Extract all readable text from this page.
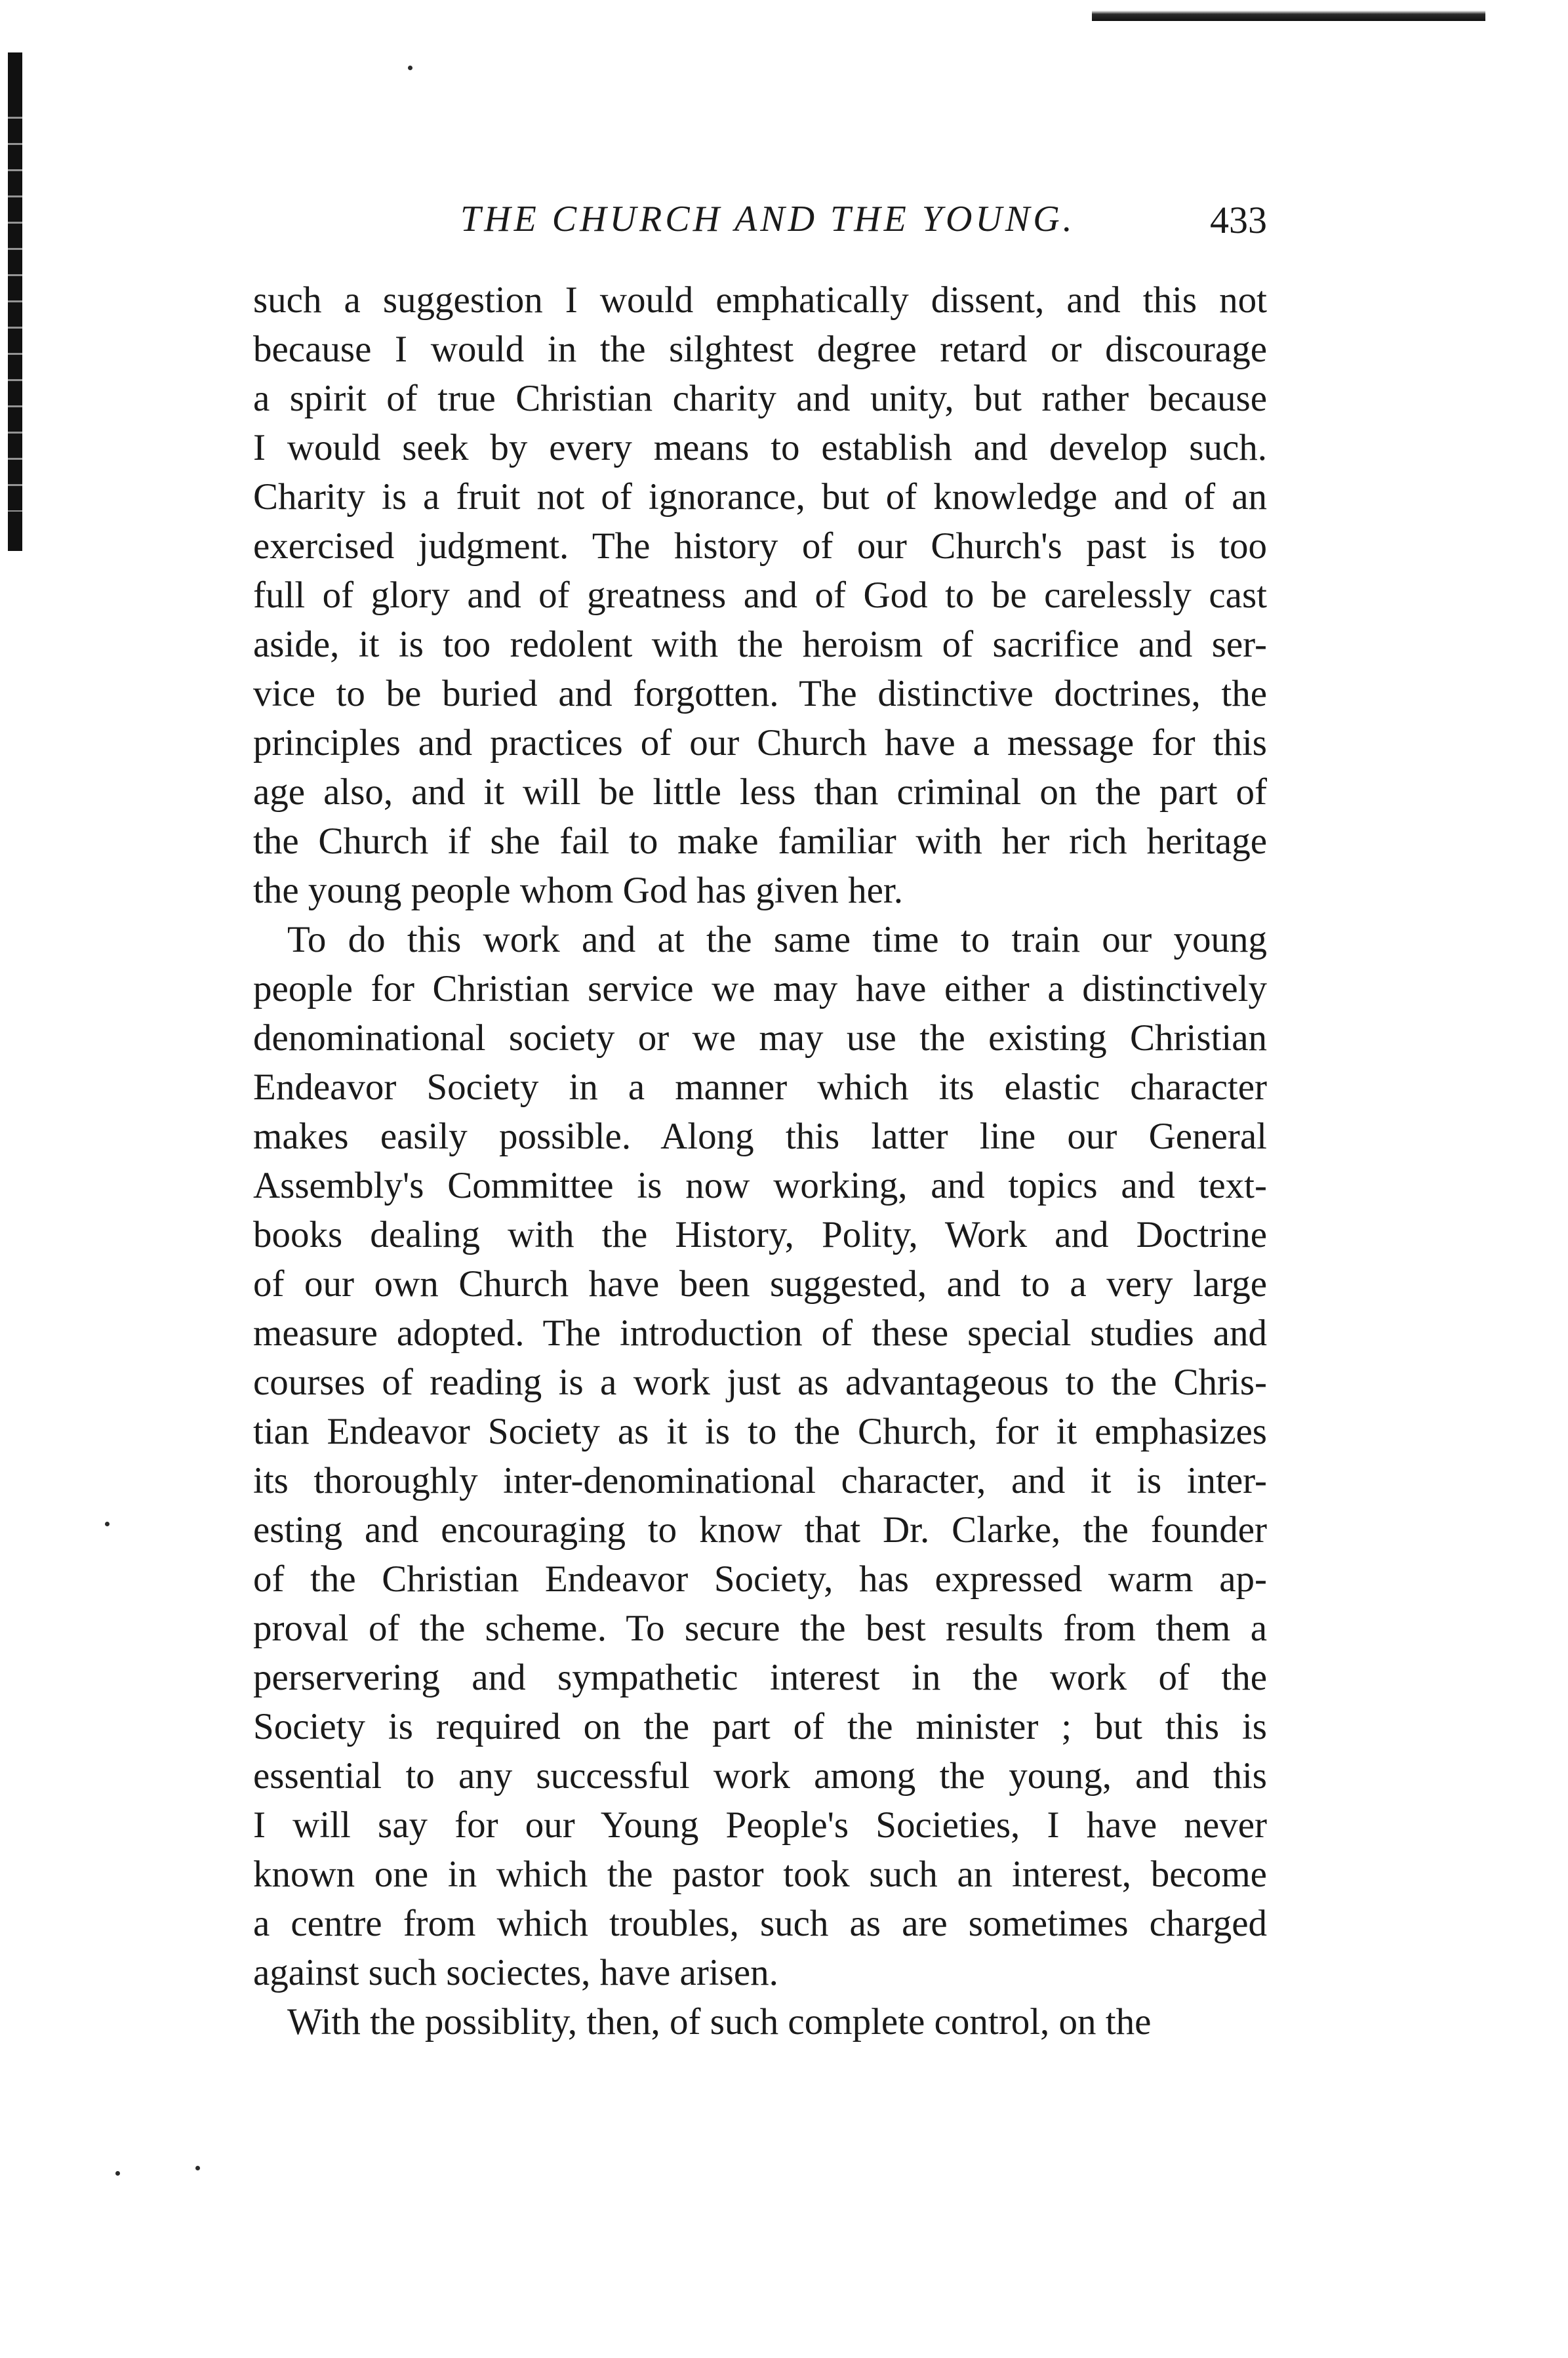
THE CHURCH AND THE YOUNG.	433
such a suggestion I would emphatically dissent, and this not
because I would in the silghtest degree retard or discourage
a spirit of true Christian charity and unity, but rather because
I would seek by every means to establish and develop such.
Charity is a fruit not of ignorance, but of knowledge and of an
exercised judgment. The history of our Church's past is too
full of glory and of greatness and of God to be carelessly cast
aside, it is too redolent with the heroism of sacrifice and ser-
vice to be buried and forgotten. The distinctive doctrines, the
principles and practices of our Church have a message for this
age also, and it will be little less than criminal on the part of
the Church if she fail to make familiar with her rich heritage
the young people whom God has given her.
To do this work and at the same time to train our young
people for Christian service we may have either a distinctively
denominational society or we may use the existing Christian
Endeavor Society in a manner which its elastic character
makes easily possible. Along this latter line our General
Assembly's Committee is now working, and topics and text-
books dealing with the History, Polity, Work and Doctrine
of our own Church have been suggested, and to a very large
measure adopted. The introduction of these special studies and
courses of reading is a work just as advantageous to the Chris-
tian Endeavor Society as it is to the Church, for it emphasizes
its thoroughly inter-denominational character, and it is inter-
esting and encouraging to know that Dr. Clarke, the founder
of the Christian Endeavor Society, has expressed warm ap-
proval of the scheme. To secure the best results from them a
perservering and sympathetic interest in the work of the
Society is required on the part of the minister ; but this is
essential to any successful work among the young, and this
I will say for our Young People's Societies, I have never
known one in which the pastor took such an interest, become
a centre from which troubles, such as are sometimes charged
against such sociectes, have arisen.
With the possiblity, then, of such complete control, on the
